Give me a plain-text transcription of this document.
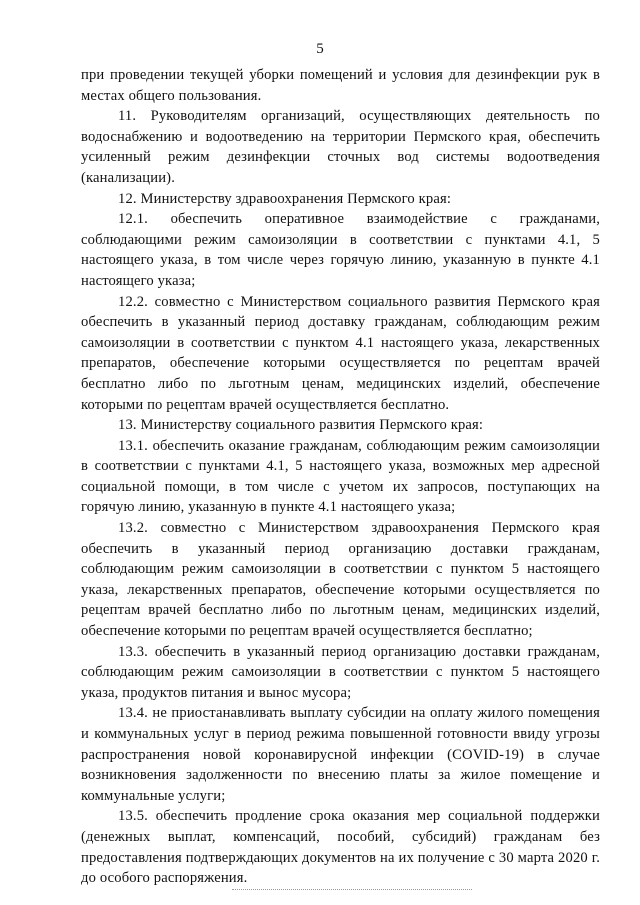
5

при проведении текущей уборки помещений и условия для дезинфекции рук в местах общего пользования.

11. Руководителям организаций, осуществляющих деятельность по водоснабжению и водоотведению на территории Пермского края, обеспечить усиленный режим дезинфекции сточных вод системы водоотведения (канализации).

12. Министерству здравоохранения Пермского края:

12.1. обеспечить оперативное взаимодействие с гражданами, соблюдающими режим самоизоляции в соответствии с пунктами 4.1, 5 настоящего указа, в том числе через горячую линию, указанную в пункте 4.1 настоящего указа;

12.2. совместно с Министерством социального развития Пермского края обеспечить в указанный период доставку гражданам, соблюдающим режим самоизоляции в соответствии с пунктом 4.1 настоящего указа, лекарственных препаратов, обеспечение которыми осуществляется по рецептам врачей бесплатно либо по льготным ценам, медицинских изделий, обеспечение которыми по рецептам врачей осуществляется бесплатно.

13. Министерству социального развития Пермского края:

13.1. обеспечить оказание гражданам, соблюдающим режим самоизоляции в соответствии с пунктами 4.1, 5 настоящего указа, возможных мер адресной социальной помощи, в том числе с учетом их запросов, поступающих на горячую линию, указанную в пункте 4.1 настоящего указа;

13.2. совместно с Министерством здравоохранения Пермского края обеспечить в указанный период организацию доставки гражданам, соблюдающим режим самоизоляции в соответствии с пунктом 5 настоящего указа, лекарственных препаратов, обеспечение которыми осуществляется по рецептам врачей бесплатно либо по льготным ценам, медицинских изделий, обеспечение которыми по рецептам врачей осуществляется бесплатно;

13.3. обеспечить в указанный период организацию доставки гражданам, соблюдающим режим самоизоляции в соответствии с пунктом 5 настоящего указа, продуктов питания и вынос мусора;

13.4. не приостанавливать выплату субсидии на оплату жилого помещения и коммунальных услуг в период режима повышенной готовности ввиду угрозы распространения новой коронавирусной инфекции (COVID-19) в случае возникновения задолженности по внесению платы за жилое помещение и коммунальные услуги;

13.5. обеспечить продление срока оказания мер социальной поддержки (денежных выплат, компенсаций, пособий, субсидий) гражданам без предоставления подтверждающих документов на их получение с 30 марта 2020 г. до особого распоряжения.
